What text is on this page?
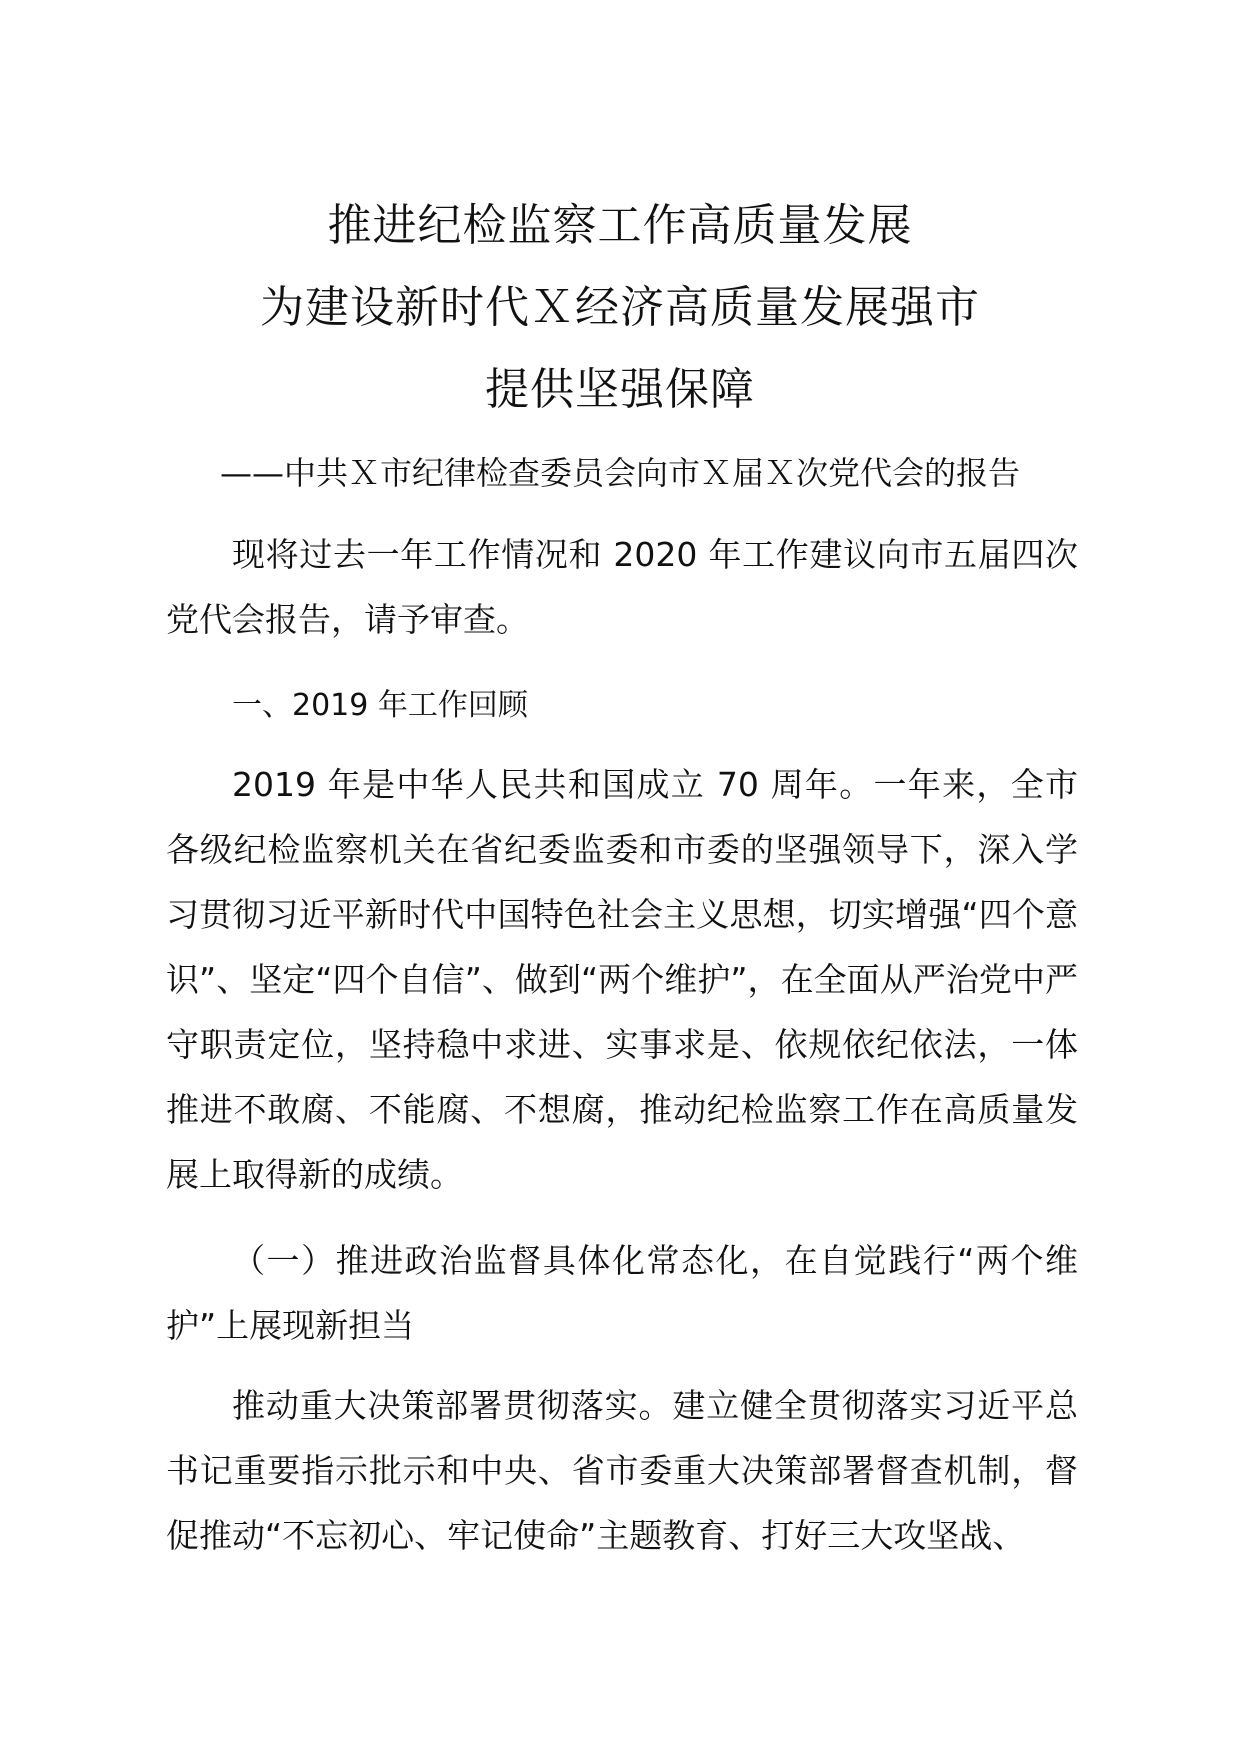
推进纪检监察工作高质量发展
为建设新时代Ｘ经济高质量发展强市
提供坚强保障
——中共Ｘ市纪律检查委员会向市Ｘ届Ｘ次党代会的报告
现将过去一年工作情况和 2020 年工作建议向市五届四次党代会报告，请予审查。
一、2019 年工作回顾
2019 年是中华人民共和国成立 70 周年。一年来，全市各级纪检监察机关在省纪委监委和市委的坚强领导下，深入学习贯彻习近平新时代中国特色社会主义思想，切实增强“四个意识”、坚定“四个自信”、做到“两个维护”，在全面从严治党中严守职责定位，坚持稳中求进、实事求是、依规依纪依法，一体推进不敢腐、不能腐、不想腐，推动纪检监察工作在高质量发展上取得新的成绩。
（一）推进政治监督具体化常态化，在自觉践行“两个维护”上展现新担当
推动重大决策部署贯彻落实。建立健全贯彻落实习近平总书记重要指示批示和中央、省市委重大决策部署督查机制，督促推动“不忘初心、牢记使命”主题教育、打好三大攻坚战、
